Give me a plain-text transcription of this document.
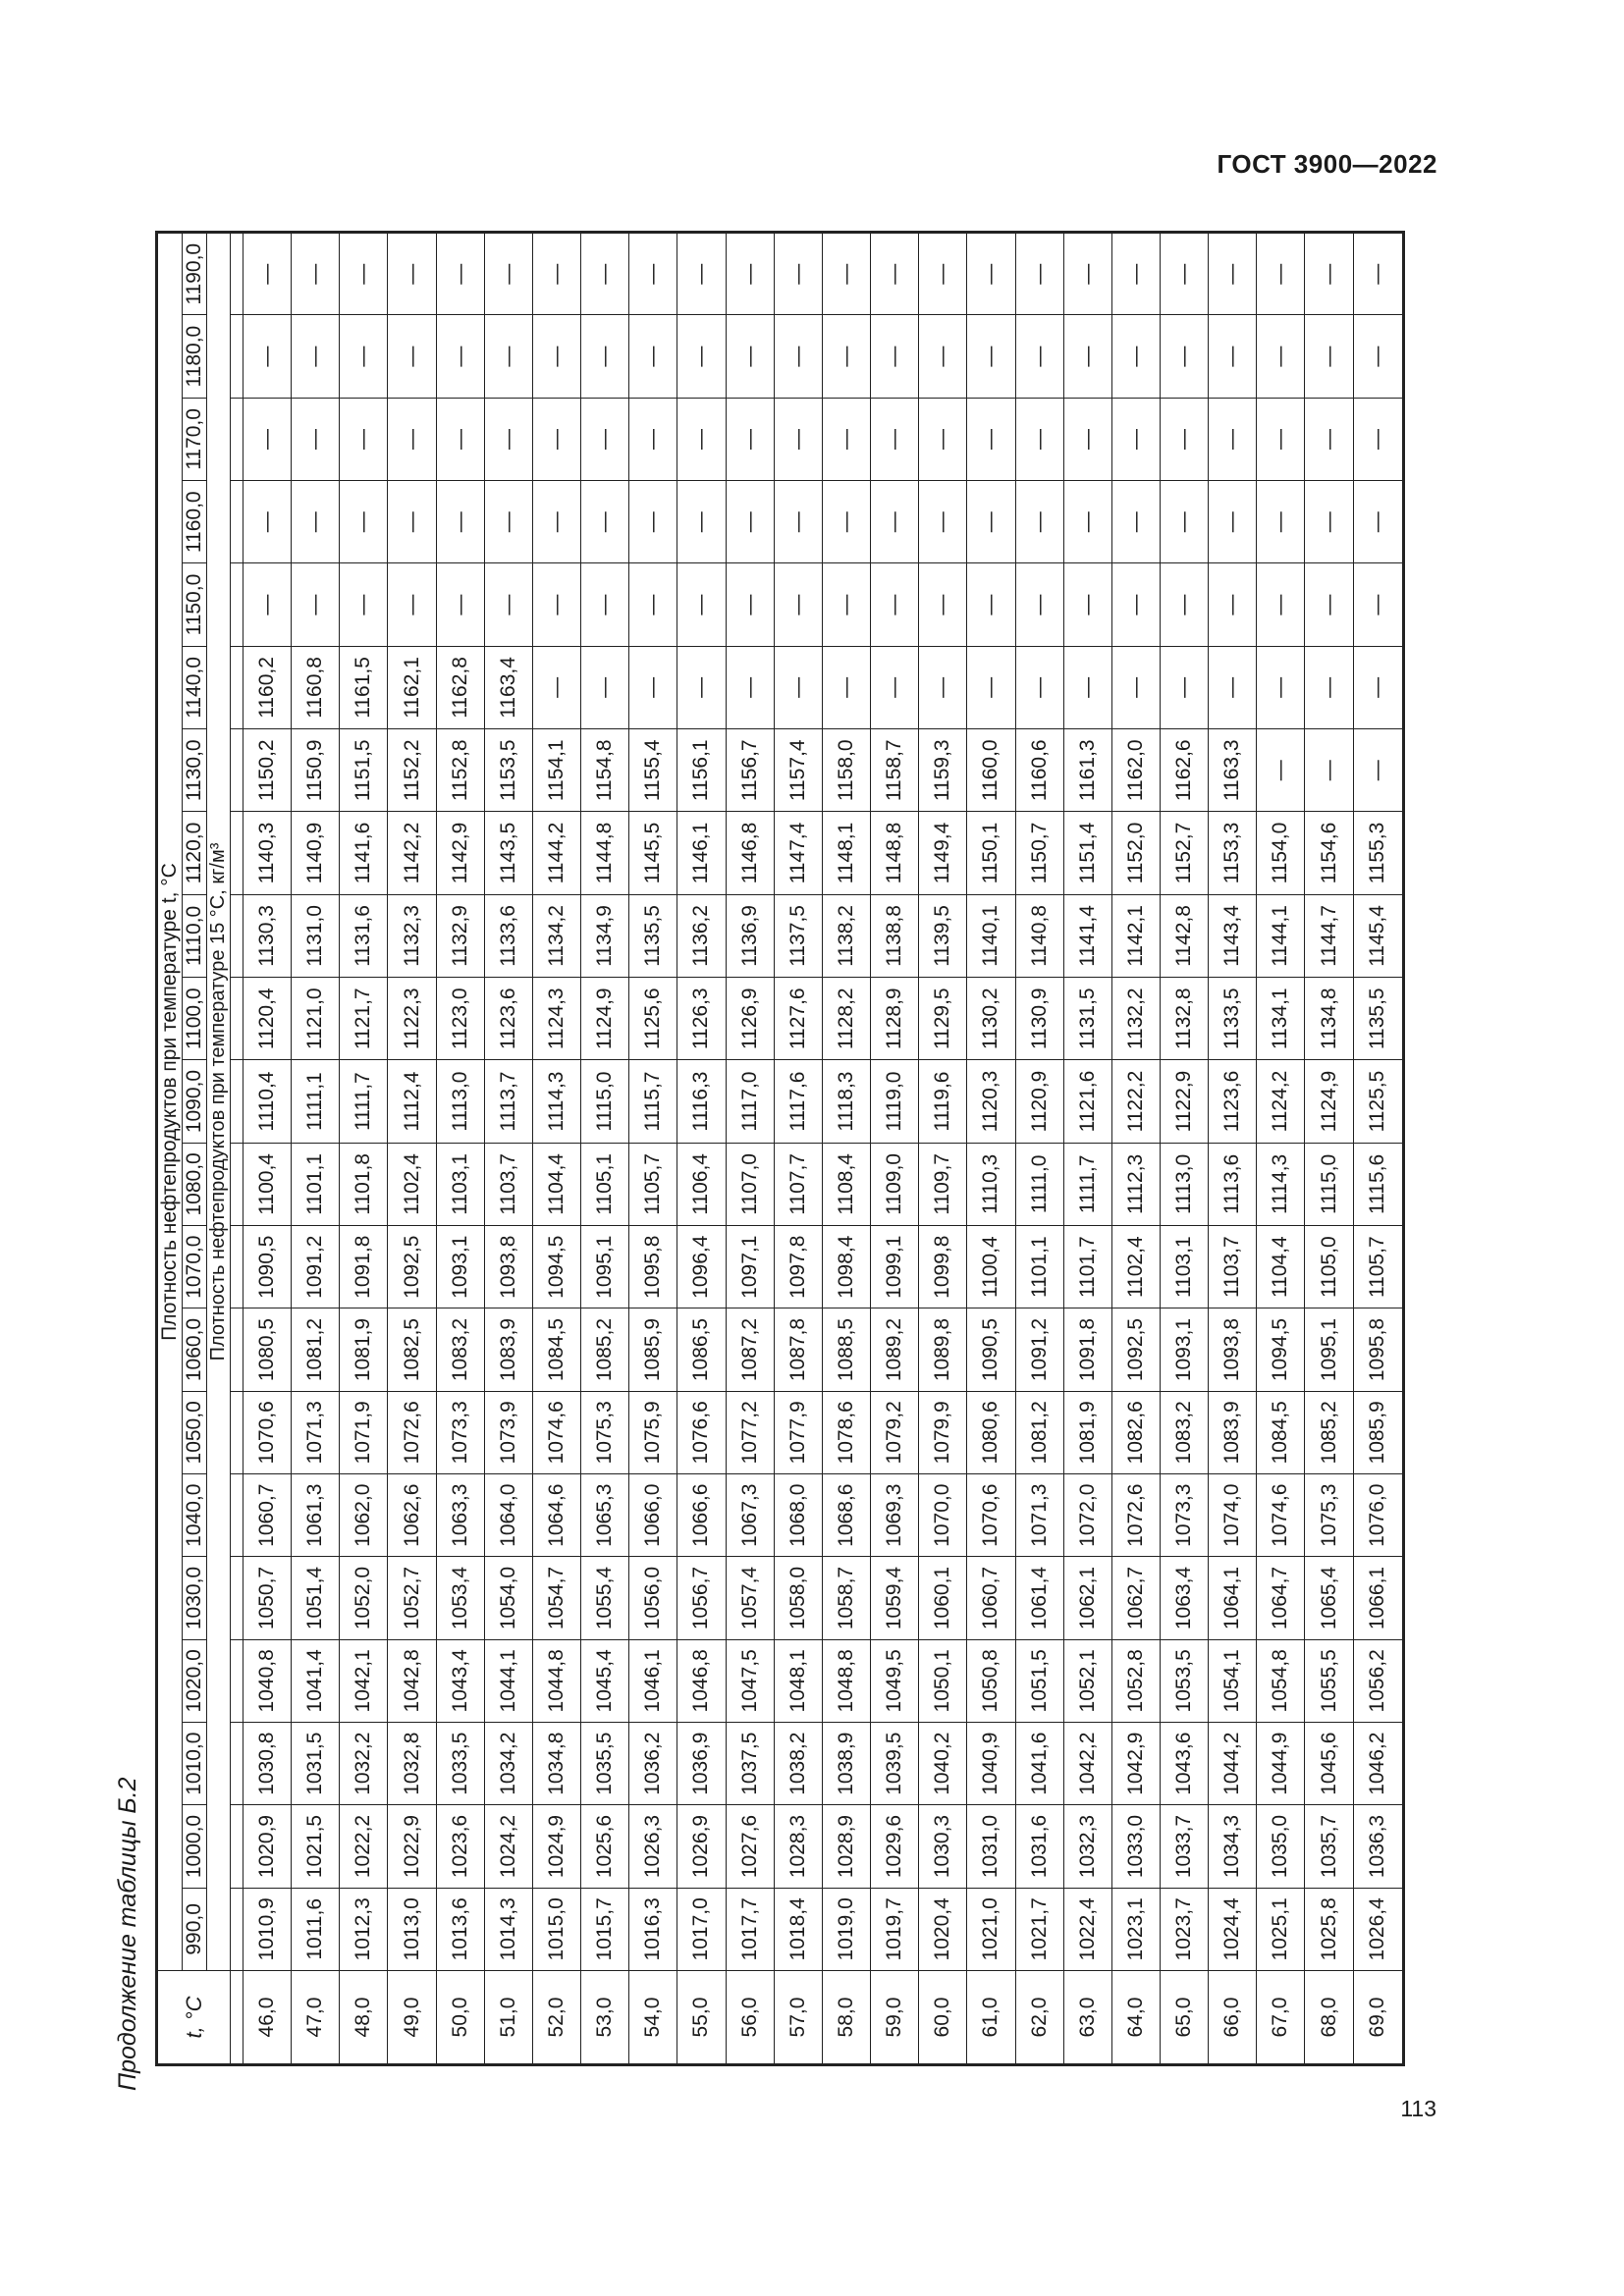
ГОСТ 3900—2022
Продолжение таблицы Б.2 t, °C	Плотность нефтепродуктов при температуре t, °C																				
	990,0	1000,0	1010,0	1020,0	1030,0	1040,0	1050,0	1060,0	1070,0	1080,0	1090,0	1100,0	1110,0	1120,0	1130,0	1140,0	1150,0	1160,0	1170,0	1180,0	1190,0
	Плотность нефтепродуктов при температуре 15 °C, кг/м³																				

46,0	1010,9	1020,9	1030,8	1040,8	1050,7	1060,7	1070,6	1080,5	1090,5	1100,4	1110,4	1120,4	1130,3	1140,3	1150,2	1160,2	—	—	—	—	—
47,0	1011,6	1021,5	1031,5	1041,4	1051,4	1061,3	1071,3	1081,2	1091,2	1101,1	1111,1	1121,0	1131,0	1140,9	1150,9	1160,8	—	—	—	—	—
48,0	1012,3	1022,2	1032,2	1042,1	1052,0	1062,0	1071,9	1081,9	1091,8	1101,8	1111,7	1121,7	1131,6	1141,6	1151,5	1161,5	—	—	—	—	—
49,0	1013,0	1022,9	1032,8	1042,8	1052,7	1062,6	1072,6	1082,5	1092,5	1102,4	1112,4	1122,3	1132,3	1142,2	1152,2	1162,1	—	—	—	—	—
50,0	1013,6	1023,6	1033,5	1043,4	1053,4	1063,3	1073,3	1083,2	1093,1	1103,1	1113,0	1123,0	1132,9	1142,9	1152,8	1162,8	—	—	—	—	—
51,0	1014,3	1024,2	1034,2	1044,1	1054,0	1064,0	1073,9	1083,9	1093,8	1103,7	1113,7	1123,6	1133,6	1143,5	1153,5	1163,4	—	—	—	—	—
52,0	1015,0	1024,9	1034,8	1044,8	1054,7	1064,6	1074,6	1084,5	1094,5	1104,4	1114,3	1124,3	1134,2	1144,2	1154,1	—	—	—	—	—	—
53,0	1015,7	1025,6	1035,5	1045,4	1055,4	1065,3	1075,3	1085,2	1095,1	1105,1	1115,0	1124,9	1134,9	1144,8	1154,8	—	—	—	—	—	—
54,0	1016,3	1026,3	1036,2	1046,1	1056,0	1066,0	1075,9	1085,9	1095,8	1105,7	1115,7	1125,6	1135,5	1145,5	1155,4	—	—	—	—	—	—
55,0	1017,0	1026,9	1036,9	1046,8	1056,7	1066,6	1076,6	1086,5	1096,4	1106,4	1116,3	1126,3	1136,2	1146,1	1156,1	—	—	—	—	—	—
56,0	1017,7	1027,6	1037,5	1047,5	1057,4	1067,3	1077,2	1087,2	1097,1	1107,0	1117,0	1126,9	1136,9	1146,8	1156,7	—	—	—	—	—	—
57,0	1018,4	1028,3	1038,2	1048,1	1058,0	1068,0	1077,9	1087,8	1097,8	1107,7	1117,6	1127,6	1137,5	1147,4	1157,4	—	—	—	—	—	—
58,0	1019,0	1028,9	1038,9	1048,8	1058,7	1068,6	1078,6	1088,5	1098,4	1108,4	1118,3	1128,2	1138,2	1148,1	1158,0	—	—	—	—	—	—
59,0	1019,7	1029,6	1039,5	1049,5	1059,4	1069,3	1079,2	1089,2	1099,1	1109,0	1119,0	1128,9	1138,8	1148,8	1158,7	—	—	—	—	—	—
60,0	1020,4	1030,3	1040,2	1050,1	1060,1	1070,0	1079,9	1089,8	1099,8	1109,7	1119,6	1129,5	1139,5	1149,4	1159,3	—	—	—	—	—	—
61,0	1021,0	1031,0	1040,9	1050,8	1060,7	1070,6	1080,6	1090,5	1100,4	1110,3	1120,3	1130,2	1140,1	1150,1	1160,0	—	—	—	—	—	—
62,0	1021,7	1031,6	1041,6	1051,5	1061,4	1071,3	1081,2	1091,2	1101,1	1111,0	1120,9	1130,9	1140,8	1150,7	1160,6	—	—	—	—	—	—
63,0	1022,4	1032,3	1042,2	1052,1	1062,1	1072,0	1081,9	1091,8	1101,7	1111,7	1121,6	1131,5	1141,4	1151,4	1161,3	—	—	—	—	—	—
64,0	1023,1	1033,0	1042,9	1052,8	1062,7	1072,6	1082,6	1092,5	1102,4	1112,3	1122,2	1132,2	1142,1	1152,0	1162,0	—	—	—	—	—	—
65,0	1023,7	1033,7	1043,6	1053,5	1063,4	1073,3	1083,2	1093,1	1103,1	1113,0	1122,9	1132,8	1142,8	1152,7	1162,6	—	—	—	—	—	—
66,0	1024,4	1034,3	1044,2	1054,1	1064,1	1074,0	1083,9	1093,8	1103,7	1113,6	1123,6	1133,5	1143,4	1153,3	1163,3	—	—	—	—	—	—
67,0	1025,1	1035,0	1044,9	1054,8	1064,7	1074,6	1084,5	1094,5	1104,4	1114,3	1124,2	1134,1	1144,1	1154,0	—	—	—	—	—	—	—
68,0	1025,8	1035,7	1045,6	1055,5	1065,4	1075,3	1085,2	1095,1	1105,0	1115,0	1124,9	1134,8	1144,7	1154,6	—	—	—	—	—	—	—
69,0	1026,4	1036,3	1046,2	1056,2	1066,1	1076,0	1085,9	1095,8	1105,7	1115,6	1125,5	1135,5	1145,4	1155,3	—	—	—	—	—	—	—
113
